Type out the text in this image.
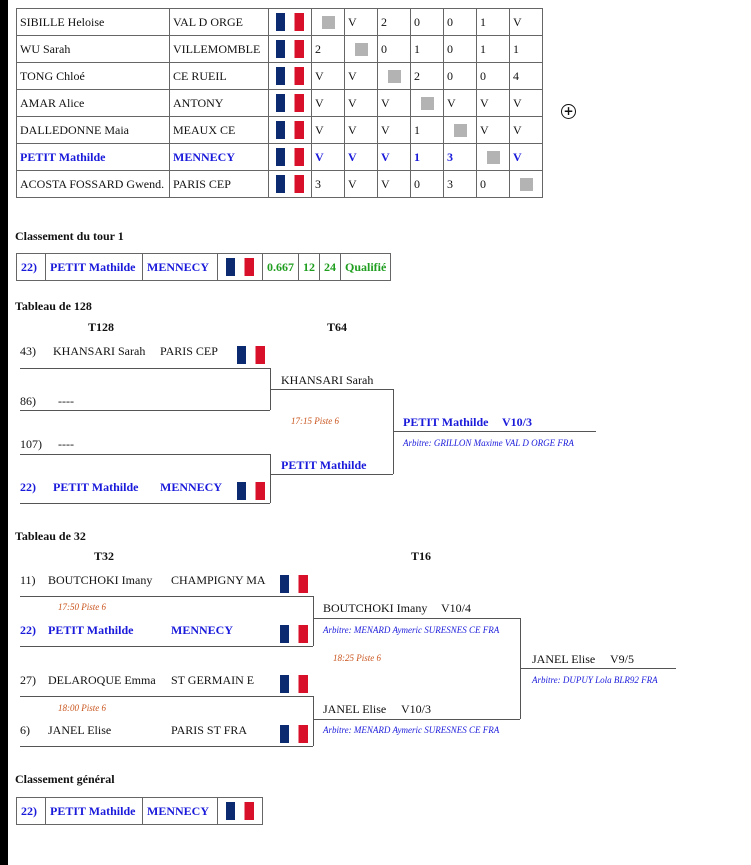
SIBILLE Heloise	VAL D ORGE			V	2	0	0	1	V
WU Sarah	VILLEMOMBLE		2		0	1	0	1	1
TONG Chloé	CE RUEIL		V	V		2	0	0	4
AMAR Alice	ANTONY		V	V	V		V	V	V
DALLEDONNE Maia	MEAUX CE		V	V	V	1		V	V
PETIT Mathilde	MENNECY		V	V	V	1	3		V
ACOSTA FOSSARD Gwend.	PARIS CEP		3	V	V	0	3	0	
+
Classement du tour 1
22)	PETIT Mathilde	MENNECY		0.667	12	24	Qualifié
Tableau de 128
T128	T64
43) KHANSARI Sarah PARIS CEP
86) ----
107) ----
22) PETIT Mathilde MENNECY
KHANSARI Sarah
17:15 Piste 6
PETIT Mathilde
PETIT Mathilde V10/3
Arbitre: GRILLON Maxime VAL D ORGE FRA
Tableau de 32
T32	T16
11) BOUTCHOKI Imany CHAMPIGNY MA
17:50 Piste 6
22) PETIT Mathilde	MENNECY
27) DELAROQUE Emma ST GERMAIN E
18:00 Piste 6
6) JANEL Elise	PARIS ST FRA
BOUTCHOKI Imany V10/4
Arbitre: MENARD Aymeric SURESNES CE FRA
18:25 Piste 6
JANEL Elise V10/3
Arbitre: MENARD Aymeric SURESNES CE FRA
JANEL Elise V9/5
Arbitre: DUPUY Lola BLR92 FRA
Classement général
22)	PETIT Mathilde	MENNECY	
